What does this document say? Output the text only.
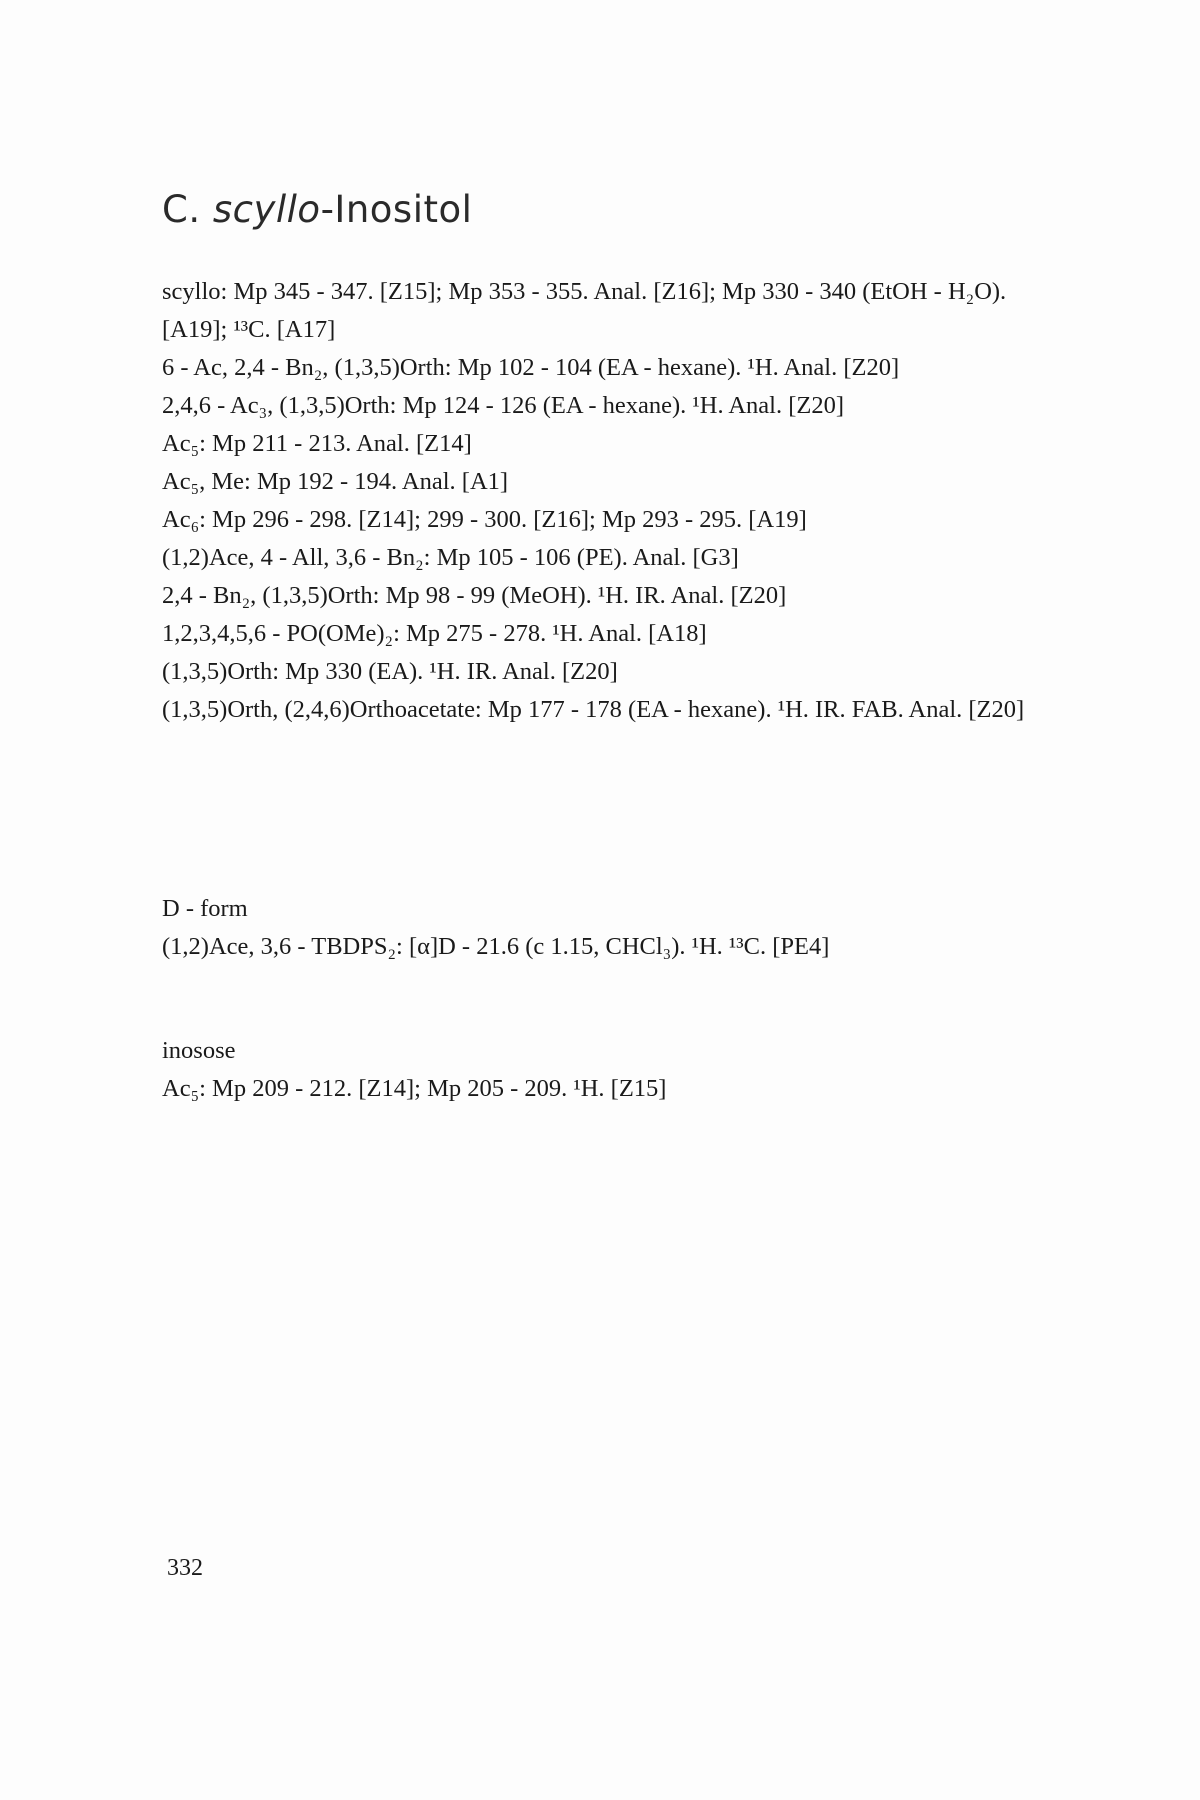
C. scyllo-Inositol
scyllo: Mp 345 - 347. [Z15]; Mp 353 - 355. Anal. [Z16]; Mp 330 - 340 (EtOH - H₂O). [A19]; ¹³C. [A17]
6 - Ac, 2,4 - Bn₂, (1,3,5)Orth: Mp 102 - 104 (EA - hexane). ¹H. Anal. [Z20]
2,4,6 - Ac₃, (1,3,5)Orth: Mp 124 - 126 (EA - hexane). ¹H. Anal. [Z20]
Ac₅: Mp 211 - 213. Anal. [Z14]
Ac₅, Me: Mp 192 - 194. Anal. [A1]
Ac₆: Mp 296 - 298. [Z14]; 299 - 300. [Z16]; Mp 293 - 295. [A19]
(1,2)Ace, 4 - All, 3,6 - Bn₂: Mp 105 - 106 (PE). Anal. [G3]
2,4 - Bn₂, (1,3,5)Orth: Mp 98 - 99 (MeOH). ¹H. IR. Anal. [Z20]
1,2,3,4,5,6 - PO(OMe)₂: Mp 275 - 278. ¹H. Anal. [A18]
(1,3,5)Orth: Mp 330 (EA). ¹H. IR. Anal. [Z20]
(1,3,5)Orth, (2,4,6)Orthoacetate: Mp 177 - 178 (EA - hexane). ¹H. IR. FAB. Anal. [Z20]
D - form
(1,2)Ace, 3,6 - TBDPS₂: [α]D - 21.6 (c 1.15, CHCl₃). ¹H. ¹³C. [PE4]
inosose
Ac₅: Mp 209 - 212. [Z14]; Mp 205 - 209. ¹H. [Z15]
332
